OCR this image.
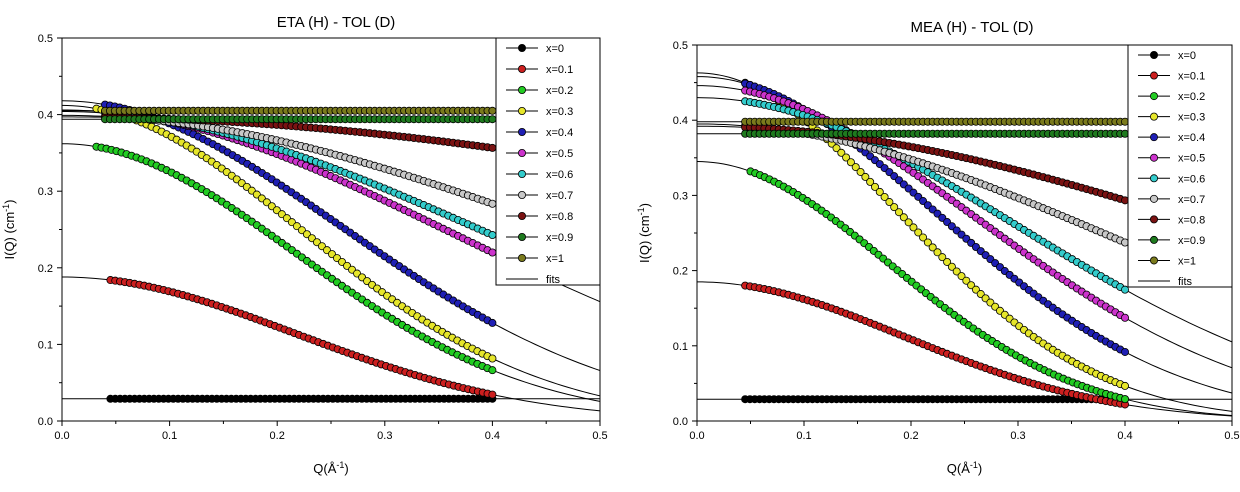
ETA (H) - TOL (D)
0.0	0.1	0.2	0.3	0.4	0.5
0.0
0.1
0.2
0.3
0.4
0.5
$Q(Å^{-1})$
I(Q) $(cm^{-1})$
x=0
x=0.1
x=0.2
x=0.3
x=0.4
x=0.5
x=0.6
x=0.7
x=0.8
x=0.9
x=1
fits
MEA (H) - TOL (D)
0.0	0.1	0.2	0.3	0.4	0.5
0.0
0.1
0.2
0.3
0.4
0.5
$Q(Å^{-1})$
I(Q) $(cm^{-1})$
x=0
x=0.1
x=0.2
x=0.3
x=0.4
x=0.5
x=0.6
x=0.7
x=0.8
x=0.9
x=1
fits
